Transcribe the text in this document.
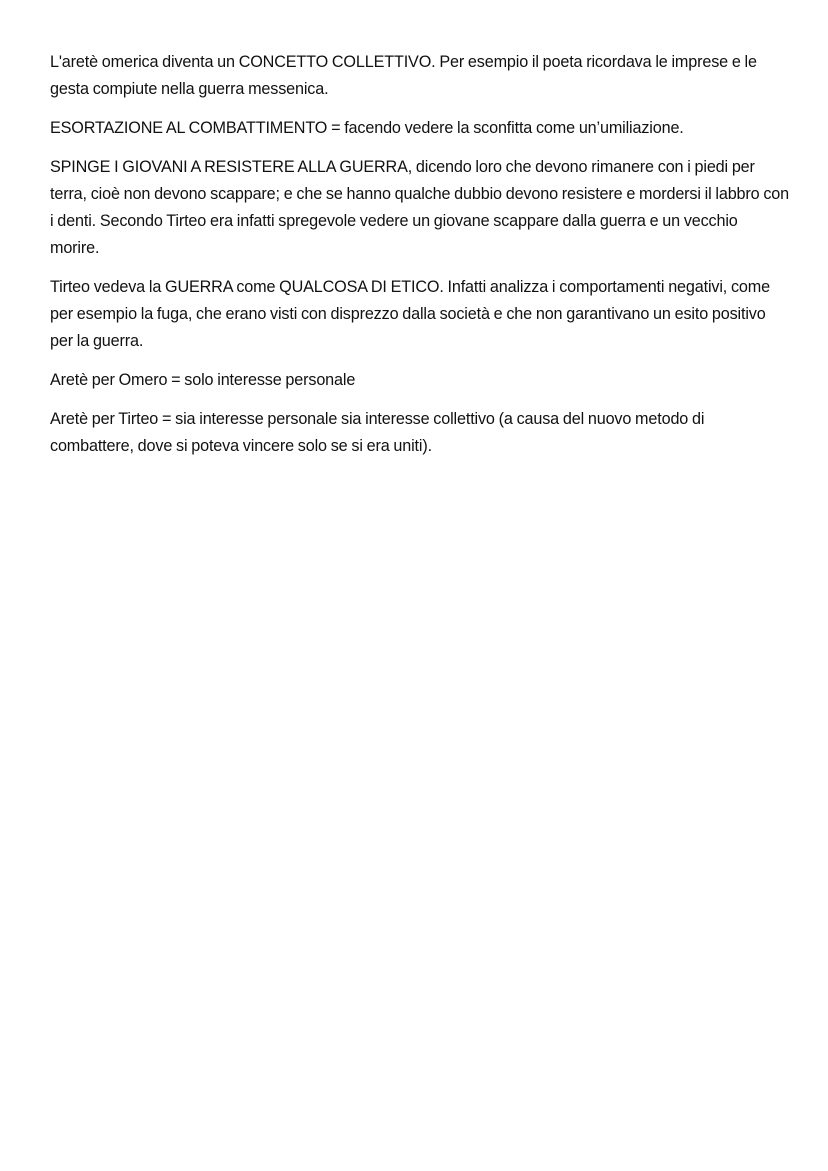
L'aretè omerica diventa un CONCETTO COLLETTIVO. Per esempio il poeta ricordava le imprese e le gesta compiute nella guerra messenica.

ESORTAZIONE AL COMBATTIMENTO = facendo vedere la sconfitta come un’umiliazione.

SPINGE I GIOVANI A RESISTERE ALLA GUERRA, dicendo loro che devono rimanere con i piedi per terra, cioè non devono scappare; e che se hanno qualche dubbio devono resistere e mordersi il labbro con i denti. Secondo Tirteo era infatti spregevole vedere un giovane scappare dalla guerra e un vecchio morire.

Tirteo vedeva la GUERRA come QUALCOSA DI ETICO. Infatti analizza i comportamenti negativi, come per esempio la fuga, che erano visti con disprezzo dalla società e che non garantivano un esito positivo per la guerra.

Aretè per Omero = solo interesse personale

Aretè per Tirteo = sia interesse personale sia interesse collettivo (a causa del nuovo metodo di combattere, dove si poteva vincere solo se si era uniti).
